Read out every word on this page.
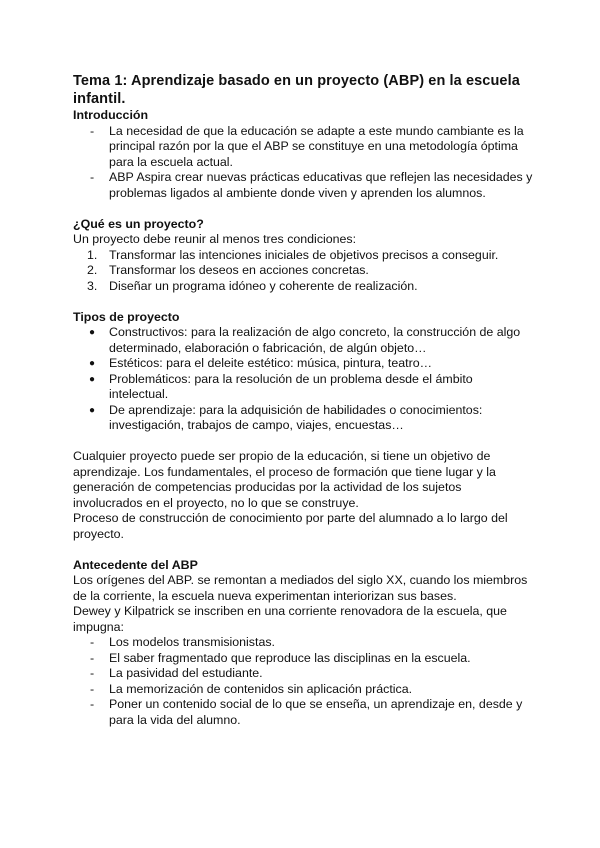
Tema 1: Aprendizaje basado en un proyecto (ABP) en la escuela infantil.
Introducción
- La necesidad de que la educación se adapte a este mundo cambiante es la principal razón por la que el ABP se constituye en una metodología óptima para la escuela actual.
- ABP Aspira crear nuevas prácticas educativas que reflejen las necesidades y problemas ligados al ambiente donde viven y aprenden los alumnos.
¿Qué es un proyecto?

Un proyecto debe reunir al menos tres condiciones:

1. Transformar las intenciones iniciales de objetivos precisos a conseguir.
2. Transformar los deseos en acciones concretas.
3. Diseñar un programa idóneo y coherente de realización.
Tipos de proyecto
● Constructivos: para la realización de algo concreto, la construcción de algo determinado, elaboración o fabricación, de algún objeto…
● Estéticos: para el deleite estético: música, pintura, teatro…
● Problemáticos: para la resolución de un problema desde el ámbito intelectual.
● De aprendizaje: para la adquisición de habilidades o conocimientos: investigación, trabajos de campo, viajes, encuestas…

Cualquier proyecto puede ser propio de la educación, si tiene un objetivo de aprendizaje. Los fundamentales, el proceso de formación que tiene lugar y la generación de competencias producidas por la actividad de los sujetos involucrados en el proyecto, no lo que se construye.

Proceso de construcción de conocimiento por parte del alumnado a lo largo del proyecto.

Antecedente del ABP

Los orígenes del ABP. se remontan a mediados del siglo XX, cuando los miembros de la corriente, la escuela nueva experimentan interiorizan sus bases.

Dewey y Kilpatrick se inscriben en una corriente renovadora de la escuela, que impugna:

- Los modelos transmisionistas.
- El saber fragmentado que reproduce las disciplinas en la escuela.
- La pasividad del estudiante.
- La memorización de contenidos sin aplicación práctica.
- Poner un contenido social de lo que se enseña, un aprendizaje en, desde y para la vida del alumno.
